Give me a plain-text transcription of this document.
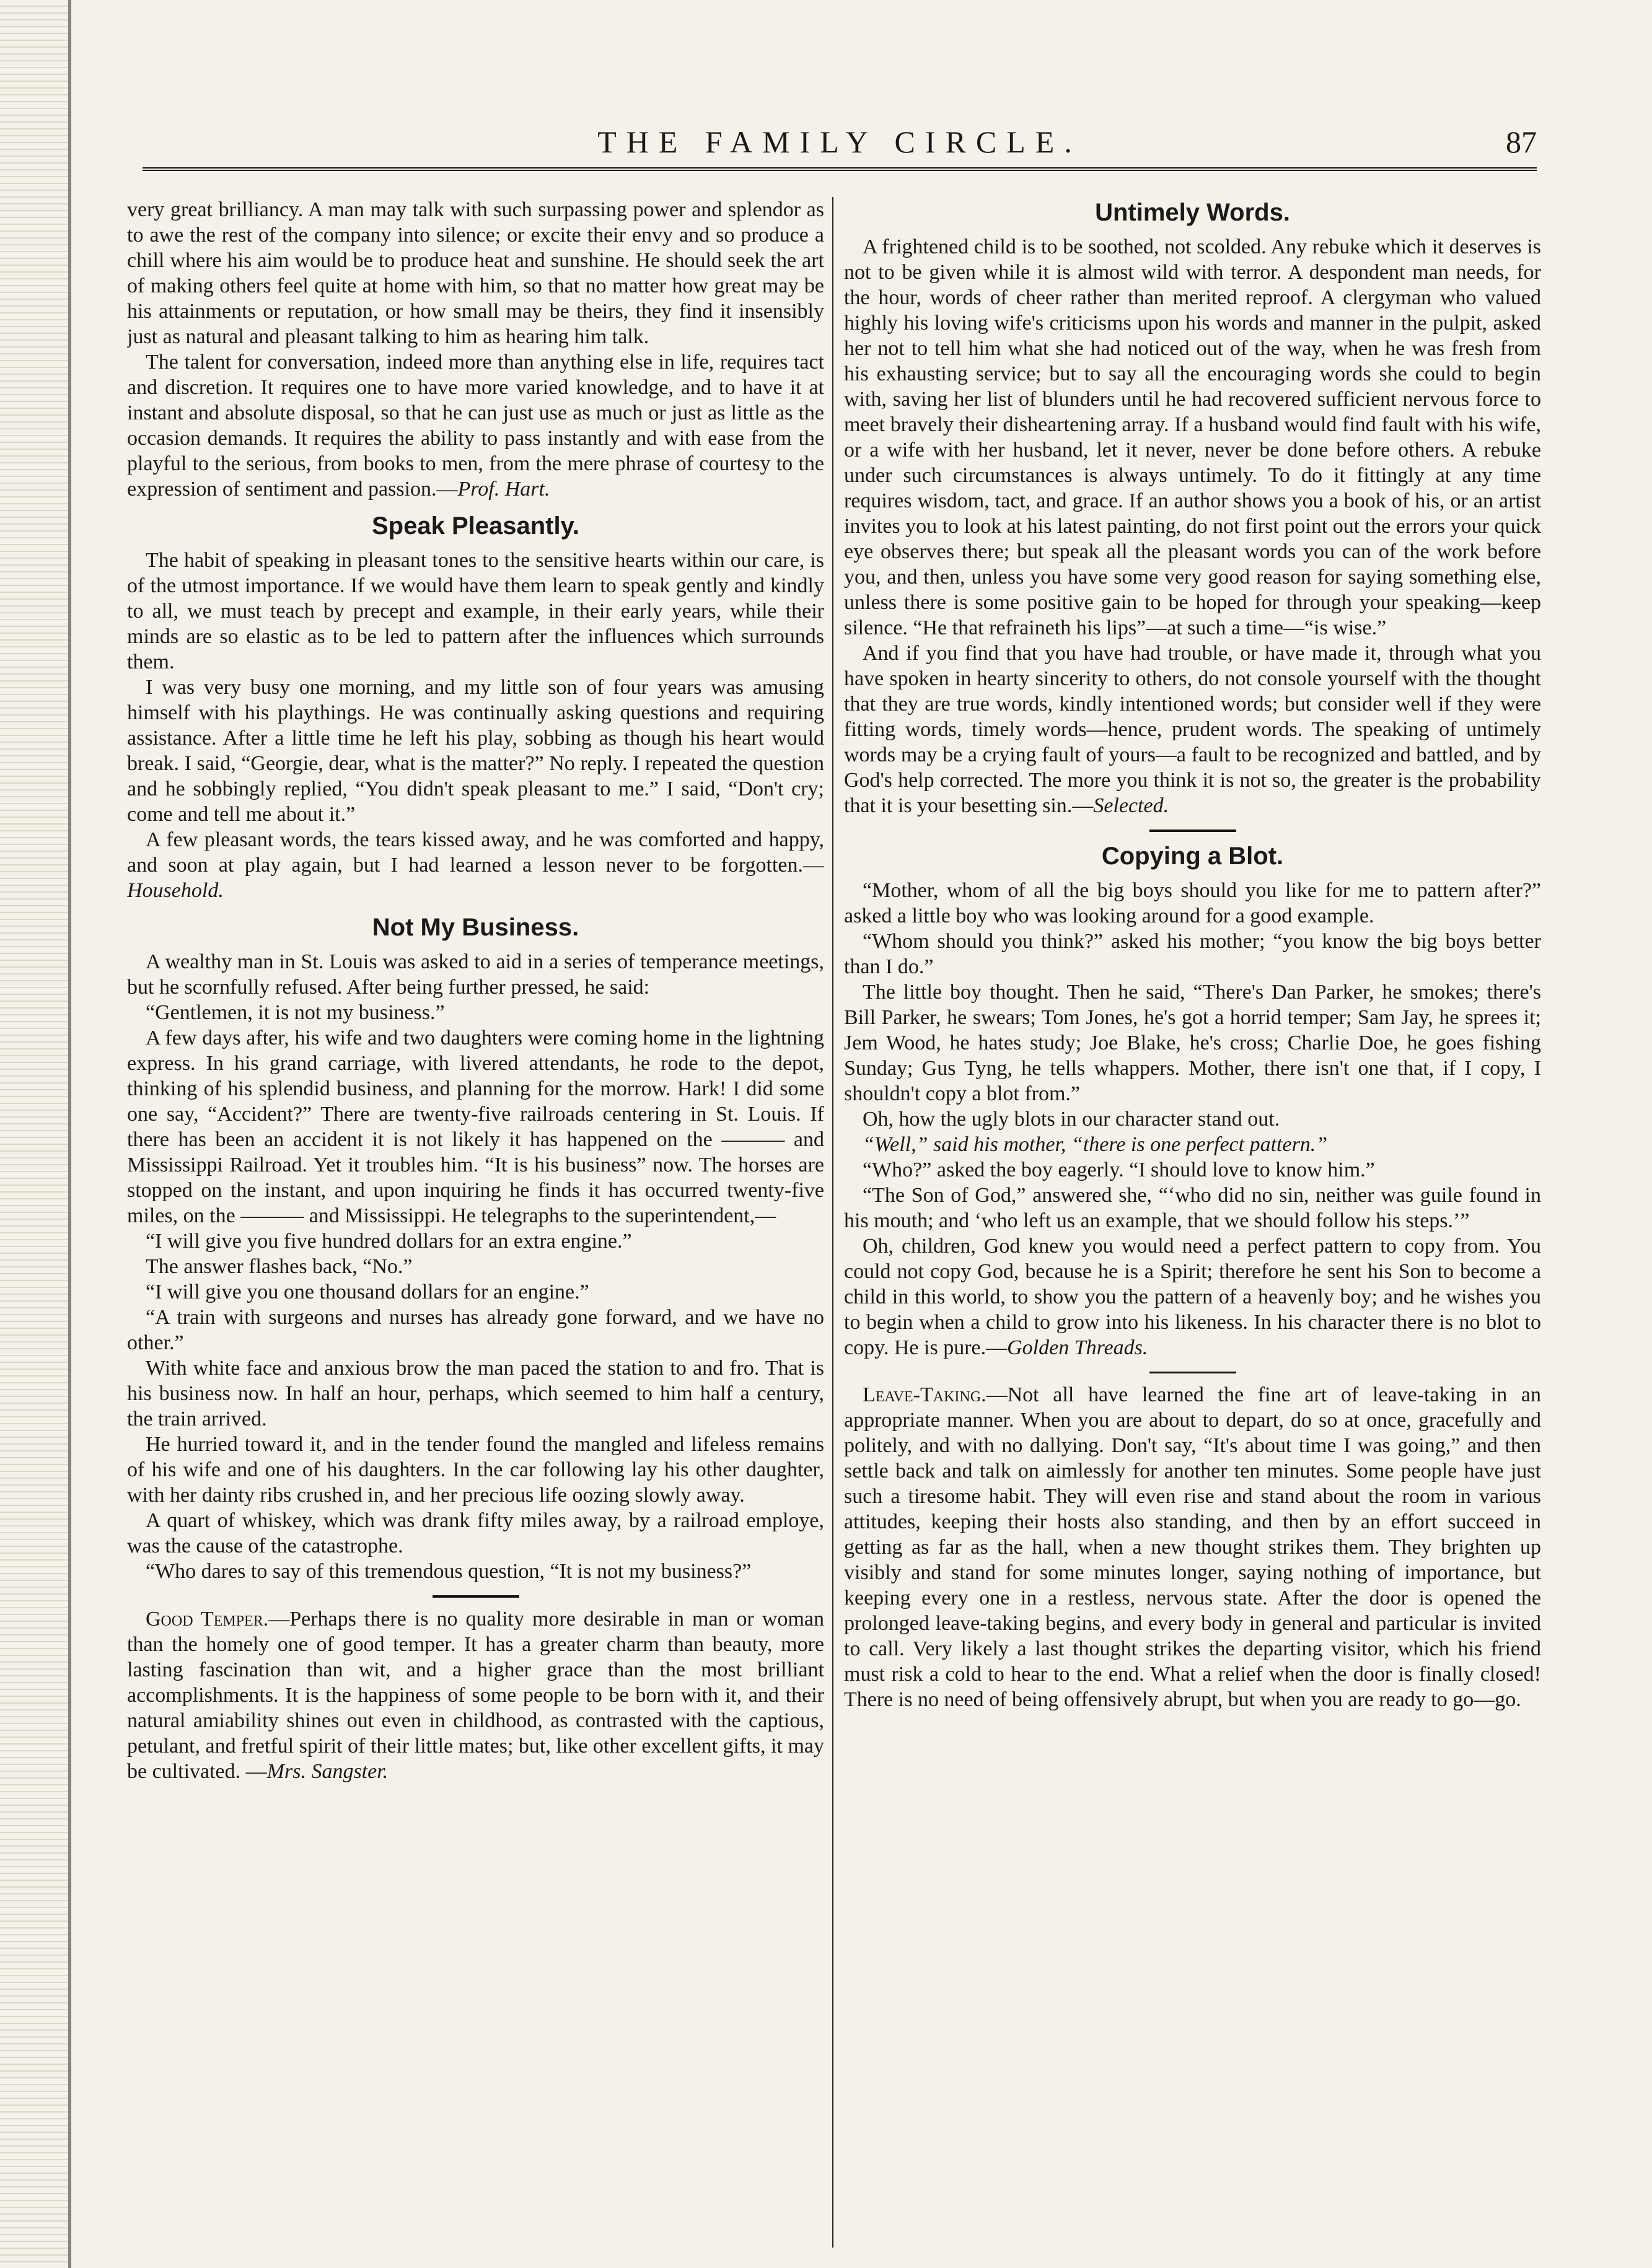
THE FAMILY CIRCLE.	87

very great brilliancy. A man may talk with such surpassing power and splendor as to awe the rest of the company into silence; or excite their envy and so produce a chill where his aim would be to produce heat and sunshine. He should seek the art of making others feel quite at home with him, so that no matter how great may be his attainments or reputation, or how small may be theirs, they find it insensibly just as natural and pleasant talking to him as hearing him talk.

The talent for conversation, indeed more than anything else in life, requires tact and discretion. It requires one to have more varied knowledge, and to have it at instant and absolute disposal, so that he can just use as much or just as little as the occasion demands. It requires the ability to pass instantly and with ease from the playful to the serious, from books to men, from the mere phrase of courtesy to the expression of sentiment and passion.—Prof. Hart.

Speak Pleasantly.

The habit of speaking in pleasant tones to the sensitive hearts within our care, is of the utmost importance. If we would have them learn to speak gently and kindly to all, we must teach by precept and example, in their early years, while their minds are so elastic as to be led to pattern after the influences which surrounds them.

I was very busy one morning, and my little son of four years was amusing himself with his playthings. He was continually asking questions and requiring assistance. After a little time he left his play, sobbing as though his heart would break. I said, “Georgie, dear, what is the matter?” No reply. I repeated the question and he sobbingly replied, “You didn't speak pleasant to me.” I said, “Don't cry; come and tell me about it.”

A few pleasant words, the tears kissed away, and he was comforted and happy, and soon at play again, but I had learned a lesson never to be forgotten.—Household.

Not My Business.

A wealthy man in St. Louis was asked to aid in a series of temperance meetings, but he scornfully refused. After being further pressed, he said:

“Gentlemen, it is not my business.”

A few days after, his wife and two daughters were coming home in the lightning express. In his grand carriage, with livered attendants, he rode to the depot, thinking of his splendid business, and planning for the morrow. Hark! I did some one say, “Accident?” There are twenty-five railroads centering in St. Louis. If there has been an accident it is not likely it has happened on the ——— and Mississippi Railroad. Yet it troubles him. “It is his business” now. The horses are stopped on the instant, and upon inquiring he finds it has occurred twenty-five miles, on the ——— and Mississippi. He telegraphs to the superintendent,—

“I will give you five hundred dollars for an extra engine.”

The answer flashes back, “No.”

“I will give you one thousand dollars for an engine.”

“A train with surgeons and nurses has already gone forward, and we have no other.”

With white face and anxious brow the man paced the station to and fro. That is his business now. In half an hour, perhaps, which seemed to him half a century, the train arrived.

He hurried toward it, and in the tender found the mangled and lifeless remains of his wife and one of his daughters. In the car following lay his other daughter, with her dainty ribs crushed in, and her precious life oozing slowly away.

A quart of whiskey, which was drank fifty miles away, by a railroad employe, was the cause of the catastrophe.

“Who dares to say of this tremendous question, “It is not my business?”

Good Temper.—Perhaps there is no quality more desirable in man or woman than the homely one of good temper. It has a greater charm than beauty, more lasting fascination than wit, and a higher grace than the most brilliant accomplishments. It is the happiness of some people to be born with it, and their natural amiability shines out even in childhood, as contrasted with the captious, petulant, and fretful spirit of their little mates; but, like other excellent gifts, it may be cultivated. —Mrs. Sangster.

Untimely Words.

A frightened child is to be soothed, not scolded. Any rebuke which it deserves is not to be given while it is almost wild with terror. A despondent man needs, for the hour, words of cheer rather than merited reproof. A clergyman who valued highly his loving wife's criticisms upon his words and manner in the pulpit, asked her not to tell him what she had noticed out of the way, when he was fresh from his exhausting service; but to say all the encouraging words she could to begin with, saving her list of blunders until he had recovered sufficient nervous force to meet bravely their disheartening array. If a husband would find fault with his wife, or a wife with her husband, let it never, never be done before others. A rebuke under such circumstances is always untimely. To do it fittingly at any time requires wisdom, tact, and grace. If an author shows you a book of his, or an artist invites you to look at his latest painting, do not first point out the errors your quick eye observes there; but speak all the pleasant words you can of the work before you, and then, unless you have some very good reason for saying something else, unless there is some positive gain to be hoped for through your speaking—keep silence. “He that refraineth his lips”—at such a time—“is wise.”

And if you find that you have had trouble, or have made it, through what you have spoken in hearty sincerity to others, do not console yourself with the thought that they are true words, kindly intentioned words; but consider well if they were fitting words, timely words—hence, prudent words. The speaking of untimely words may be a crying fault of yours—a fault to be recognized and battled, and by God's help corrected. The more you think it is not so, the greater is the probability that it is your besetting sin.—Selected.

Copying a Blot.

“Mother, whom of all the big boys should you like for me to pattern after?” asked a little boy who was looking around for a good example.

“Whom should you think?” asked his mother; “you know the big boys better than I do.”

The little boy thought. Then he said, “There's Dan Parker, he smokes; there's Bill Parker, he swears; Tom Jones, he's got a horrid temper; Sam Jay, he sprees it; Jem Wood, he hates study; Joe Blake, he's cross; Charlie Doe, he goes fishing Sunday; Gus Tyng, he tells whappers. Mother, there isn't one that, if I copy, I shouldn't copy a blot from.”

Oh, how the ugly blots in our character stand out.

“Well,” said his mother, “there is one perfect pattern.”

“Who?” asked the boy eagerly. “I should love to know him.”

“The Son of God,” answered she, “‘who did no sin, neither was guile found in his mouth; and ‘who left us an example, that we should follow his steps.’”

Oh, children, God knew you would need a perfect pattern to copy from. You could not copy God, because he is a Spirit; therefore he sent his Son to become a child in this world, to show you the pattern of a heavenly boy; and he wishes you to begin when a child to grow into his likeness. In his character there is no blot to copy. He is pure.—Golden Threads.

Leave-Taking.—Not all have learned the fine art of leave-taking in an appropriate manner. When you are about to depart, do so at once, gracefully and politely, and with no dallying. Don't say, “It's about time I was going,” and then settle back and talk on aimlessly for another ten minutes. Some people have just such a tiresome habit. They will even rise and stand about the room in various attitudes, keeping their hosts also standing, and then by an effort succeed in getting as far as the hall, when a new thought strikes them. They brighten up visibly and stand for some minutes longer, saying nothing of importance, but keeping every one in a restless, nervous state. After the door is opened the prolonged leave-taking begins, and every body in general and particular is invited to call. Very likely a last thought strikes the departing visitor, which his friend must risk a cold to hear to the end. What a relief when the door is finally closed! There is no need of being offensively abrupt, but when you are ready to go—go.
